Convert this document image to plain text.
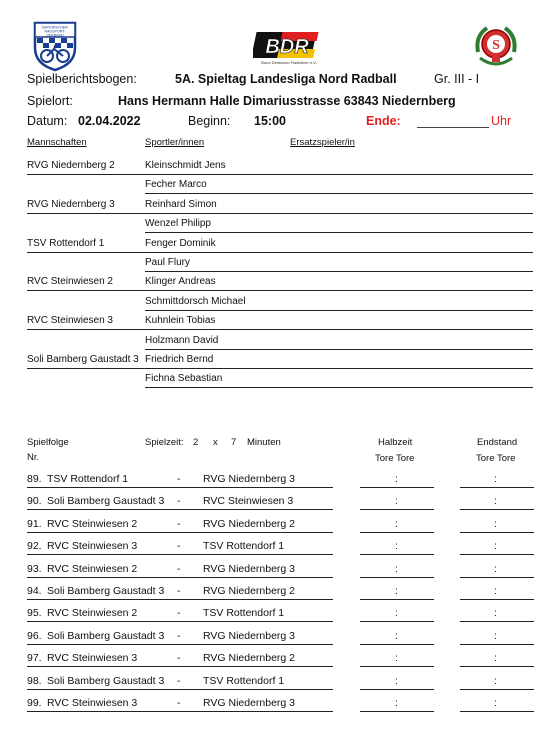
BAYERISCHER
RADSPORT-
VERBAND
BDR
Bund Deutscher Radfahrer e.V.
S
Spielberichtsbogen:	5A. Spieltag Landesliga Nord Radball	Gr. III - I
Spielort:	Hans Hermann Halle Dimariusstrasse 63843 Niedernberg
Datum: 02.04.2022	Beginn: 15:00	Ende:	Uhr
Mannschaften	Sportler/innen	Ersatzspieler/in
RVG Niedernberg 2	Kleinschmidt Jens
Fecher Marco
RVG Niedernberg 3	Reinhard Simon
Wenzel Philipp
TSV Rottendorf 1	Fenger Dominik
Paul Flury
RVC Steinwiesen 2	Klinger Andreas
Schmittdorsch Michael
RVC Steinwiesen 3	Kuhnlein Tobias
Holzmann David
Soli Bamberg Gaustadt 3 Friedrich Bernd
Fichna Sebastian
Spielfolge
Nr.
Spielzeit: 2 x 7 Minuten	Halbzeit
Tore Tore
Endstand
Tore Tore
89. TSV Rottendorf 1	- RVG Niedernberg 3	:	:
90. Soli Bamberg Gaustadt 3 - RVC Steinwiesen 3	:	:
91. RVC Steinwiesen 2	- RVG Niedernberg 2	:	:
92. RVC Steinwiesen 3	- TSV Rottendorf 1	:	:
93. RVC Steinwiesen 2	- RVG Niedernberg 3	:	:
94. Soli Bamberg Gaustadt 3 - RVG Niedernberg 2	:	:
95. RVC Steinwiesen 2	- TSV Rottendorf 1	:	:
96. Soli Bamberg Gaustadt 3 - RVG Niedernberg 3	:	:
97. RVC Steinwiesen 3	- RVG Niedernberg 2	:	:
98. Soli Bamberg Gaustadt 3 - TSV Rottendorf 1	:	:
99. RVC Steinwiesen 3	- RVG Niedernberg 3	:	:
